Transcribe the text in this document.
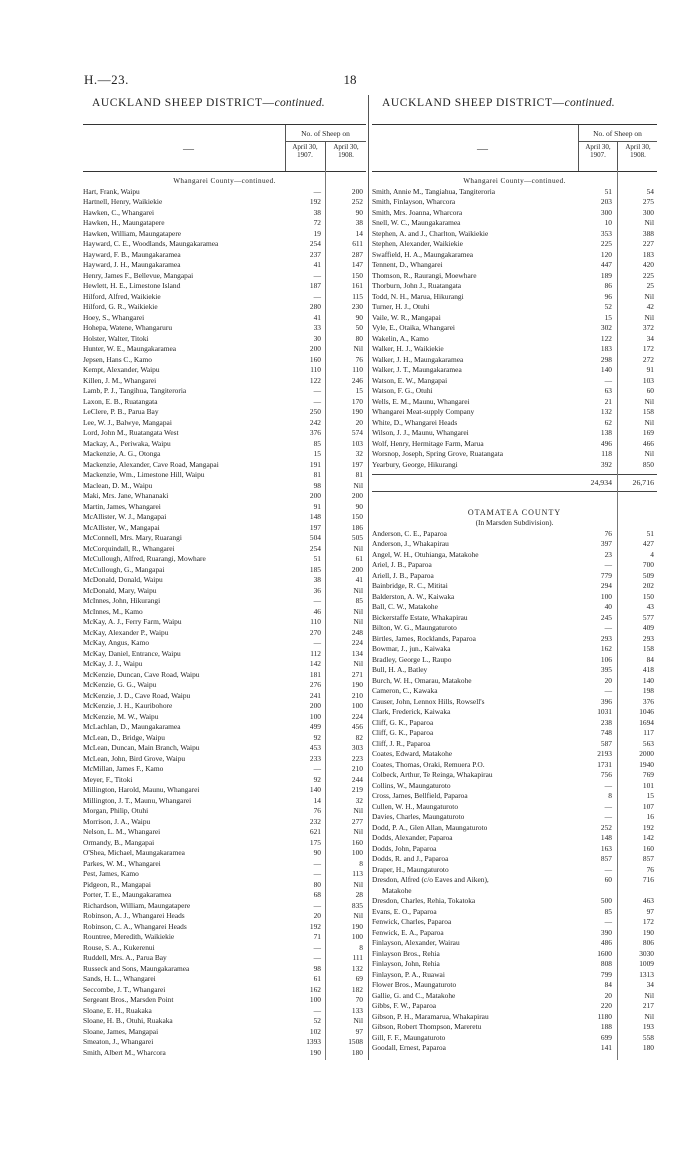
H.—23.	18
AUCKLAND SHEEP DISTRICT—continued.	AUCKLAND SHEEP DISTRICT—continued.
—
No. of Sheep on
April 30, 1907.
April 30, 1908.
Whangarei County—continued.
Hart, Frank, Waipu	—	200
Hartnell, Henry, Waikiekie	192	252
Hawken, C., Whangarei	38	90
Hawken, H., Maungatapere	72	38
Hawken, William, Maungatapere	19	14
Hayward, C. E., Woodlands, Maungakaramea	254	611
Hayward, F. B., Maungakaramea	237	287
Hayward, J. H., Maungakaramea	41	147
Henry, James F., Bellevue, Mangapai	—	150
Hewlett, H. E., Limestone Island	187	161
Hilford, Alfred, Waikiekie	—	115
Hilford, G. R., Waikiekie	280	230
Hoey, S., Whangarei	41	90
Hohepa, Watene, Whangaruru	33	50
Holster, Walter, Titoki	30	80
Hunter, W. E., Maungakaramea	200	Nil
Jepsen, Hans C., Kamo	160	76
Kempt, Alexander, Waipu	110	110
Killen, J. M., Whangarei	122	246
Lamb, P. J., Tangihua, Tangiteroria	—	15
Laxon, E. B., Ruatangata	—	170
LeClere, P. B., Parua Bay	250	190
Lee, W. J., Balwye, Mangapai	242	20
Lord, John M., Ruatangata West	376	574
Mackay, A., Periwaka, Waipu	85	103
Mackenzie, A. G., Otonga	15	32
Mackenzie, Alexander, Cave Road, Mangapai	191	197
Mackenzie, Wm., Limestone Hill, Waipu	81	81
Maclean, D. M., Waipu	98	Nil
Maki, Mrs. Jane, Whananaki	200	200
Martin, James, Whangarei	91	90
McAllister, W. J., Mangapai	148	150
McAllister, W., Mangapai	197	186
McConnell, Mrs. Mary, Ruarangi	504	505
McCorquindall, R., Whangarei	254	Nil
McCullough, Alfred, Ruarangi, Mowhare	51	61
McCullough, G., Mangapai	185	200
McDonald, Donald, Waipu	38	41
McDonald, Mary, Waipu	36	Nil
McInnes, John, Hikurangi	—	85
McInnes, M., Kamo	46	Nil
McKay, A. J., Ferry Farm, Waipu	110	Nil
McKay, Alexander P., Waipu	270	248
McKay, Angus, Kamo	—	224
McKay, Daniel, Entrance, Waipu	112	134
McKay, J. J., Waipu	142	Nil
McKenzie, Duncan, Cave Road, Waipu	181	271
McKenzie, G. G., Waipu	276	190
McKenzie, J. D., Cave Road, Waipu	241	210
McKenzie, J. H., Kauribohore	200	100
McKenzie, M. W., Waipu	100	224
McLachlan, D., Maungakaramea	499	456
McLean, D., Bridge, Waipu	92	82
McLean, Duncan, Main Branch, Waipu	453	303
McLean, John, Bird Grove, Waipu	233	223
McMillan, James F., Kamo	—	210
Meyer, F., Titoki	92	244
Millington, Harold, Maunu, Whangarei	140	219
Millington, J. T., Maunu, Whangarei	14	32
Morgan, Philip, Otuhi	76	Nil
Morrison, J. A., Waipu	232	277
Nelson, L. M., Whangarei	621	Nil
Ormandy, B., Mangapai	175	160
O'Shea, Michael, Maungakaramea	90	100
Parkes, W. M., Whangarei	—	8
Pest, James, Kamo	—	113
Pidgeon, R., Mangapai	80	Nil
Porter, T. E., Maungakaramea	68	28
Richardson, William, Maungatapere	—	835
Robinson, A. J., Whangarei Heads	20	Nil
Robinson, C. A., Whangarei Heads	192	190
Rountree, Meredith, Waikiekie	71	100
Rouse, S. A., Kukerenui	—	8
Ruddell, Mrs. A., Parua Bay	—	111
Russeck and Sons, Maungakaramea	98	132
Sands, H. L., Whangarei	61	69
Seccombe, J. T., Whangarei	162	182
Sergeant Bros., Marsden Point	100	70
Sloane, E. H., Ruakaka	—	133
Sloane, H. B., Otuhi, Ruakaka	52	Nil
Sloane, James, Mangapai	102	97
Smeaton, J., Whangarei	1393	1508
Smith, Albert M., Wharcora	190	180
—
No. of Sheep on
April 30, 1907.
April 30, 1908.
Whangarei County—continued.
Smith, Annie M., Tangiahua, Tangiteroria	51	54
Smith, Finlayson, Wharcora	203	275
Smith, Mrs. Joanna, Wharcora	300	300
Snell, W. C., Maungakaramea	10	Nil
Stephen, A. and J., Charlton, Waikiekie	353	388
Stephen, Alexander, Waikiekie	225	227
Swaffield, H. A., Maungakaramea	120	183
Tennent, D., Whangarei	447	420
Thomson, R., Raurangi, Moewhare	189	225
Thorburn, John J., Ruatangata	86	25
Todd, N. H., Marua, Hikurangi	96	Nil
Turner, H. J., Otuhi	52	42
Vaile, W. R., Mangapai	15	Nil
Vyle, E., Otaika, Whangarei	302	372
Wakelin, A., Kamo	122	34
Walker, H. J., Waikiekie	183	172
Walker, J. H., Maungakaramea	298	272
Walker, J. T., Maungakaramea	140	91
Watson, E. W., Mangapai	—	103
Watson, F. G., Otuhi	63	60
Wells, E. M., Maunu, Whangarei	21	Nil
Whangarei Meat-supply Company	132	158
White, D., Whangarei Heads	62	Nil
Wilson, J. J., Maunu, Whangarei	138	169
Wolf, Henry, Hermitage Farm, Marua	496	466
Worsnop, Joseph, Spring Grove, Ruatangata	118	Nil
Yearbury, George, Hikurangi	392	850
24,934	26,716
OTAMATEA COUNTY
(In Marsden Subdivision).
Anderson, C. E., Paparoa	76	51
Anderson, J., Whakapirau	397	427
Angel, W. H., Otuhianga, Matakohe	23	4
Ariel, J. B., Paparoa	—	700
Ariell, J. B., Paparoa	779	509
Bainbridge, R. C., Mititai	294	202
Balderston, A. W., Kaiwaka	100	150
Ball, C. W., Matakohe	40	43
Bickerstaffe Estate, Whakapirau	245	577
Bilton, W. G., Maungaturoto	—	409
Birtles, James, Rocklands, Paparoa	293	293
Bowmar, J., jun., Kaiwaka	162	158
Bradley, George L., Raupo	106	84
Bull, H. A., Batley	395	418
Burch, W. H., Omarau, Matakohe	20	140
Cameron, C., Kawaka	—	198
Causer, John, Lennox Hills, Rowsell's	396	376
Clark, Frederick, Kaiwaka	1031	1046
Cliff, G. K., Paparoa	238	1694
Cliff, G. K., Paparoa	748	117
Cliff, J. R., Paparoa	587	563
Coates, Edward, Matakohe	2193	2000
Coates, Thomas, Oraki, Remuera P.O.	1731	1940
Colbeck, Arthur, Te Reinga, Whakapirau	756	769
Collins, W., Maungaturoto	—	101
Cross, James, Bellfield, Paparoa	8	15
Cullen, W. H., Maungaturoto	—	107
Davies, Charles, Maungaturoto	—	16
Dodd, P. A., Glen Allan, Maungaturoto	252	192
Dodds, Alexander, Paparoa	148	142
Dodds, John, Paparoa	163	160
Dodds, R. and J., Paparoa	857	857
Draper, H., Maungaturoto	—	76
Dresdon, Alfred (c/o Eaves and Aiken),	60	716
Matakohe
Dresdon, Charles, Rehia, Tokatoka	500	463
Evans, E. O., Paparoa	85	97
Fenwick, Charles, Paparoa	—	172
Fenwick, E. A., Paparoa	390	190
Finlayson, Alexander, Wairau	486	806
Finlayson Bros., Rehia	1600	3030
Finlayson, John, Rehia	808	1009
Finlayson, P. A., Ruawai	799	1313
Flower Bros., Maungaturoto	84	34
Gallie, G. and C., Matakohe	20	Nil
Gibbs, F. W., Paparoa	220	217
Gibson, P. H., Maramarua, Whakapirau	1180	Nil
Gibson, Robert Thompson, Mareretu	188	193
Gill, F. F., Maungaturoto	699	558
Goodall, Ernest, Paparoa	141	180
